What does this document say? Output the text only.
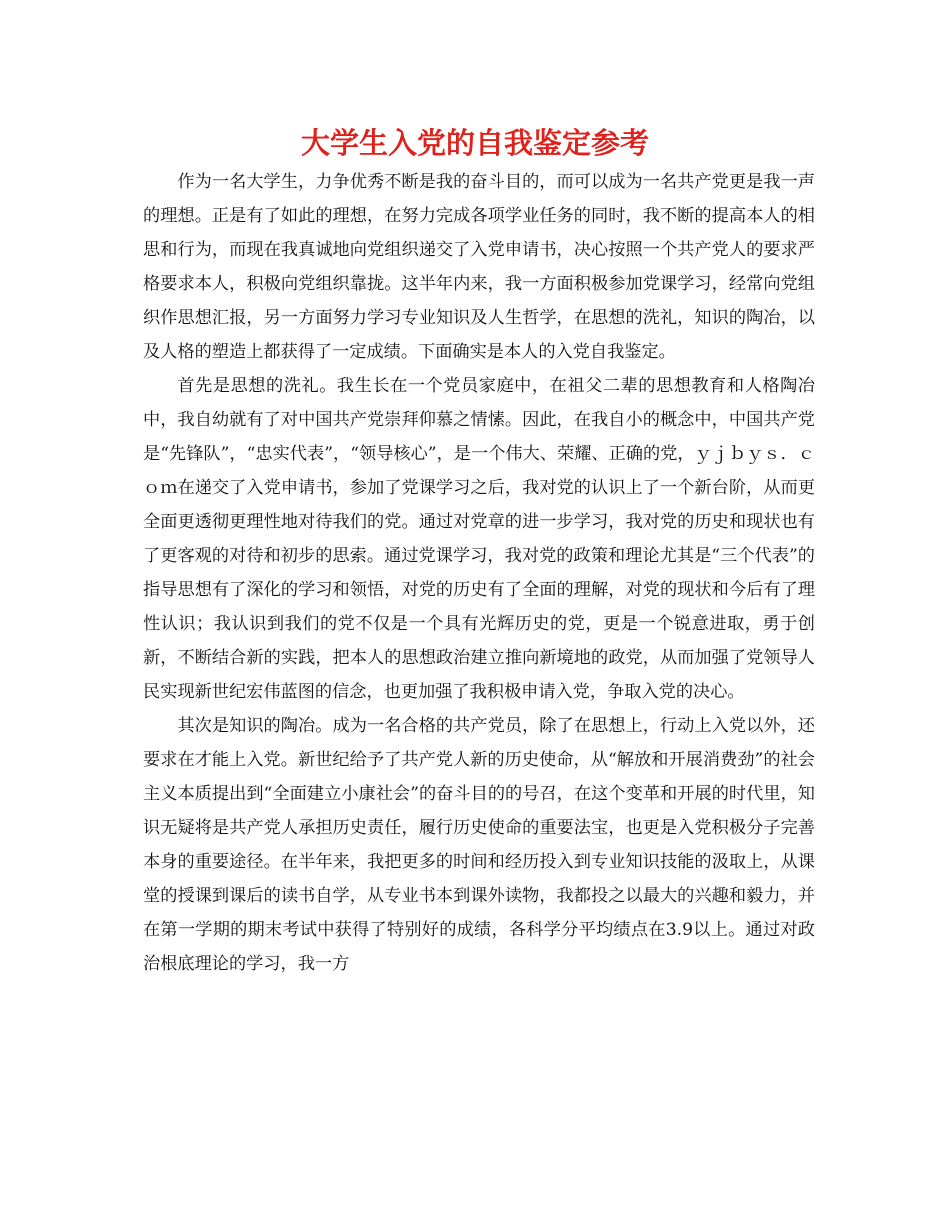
大学生入党的自我鉴定参考

作为一名大学生，力争优秀不断是我的奋斗目的，而可以成为一名共产党更是我一声的理想。正是有了如此的理想，在努力完成各项学业任务的同时，我不断的提高本人的相思和行为，而现在我真诚地向党组织递交了入党申请书，决心按照一个共产党人的要求严格要求本人，积极向党组织靠拢。这半年内来，我一方面积极参加党课学习，经常向党组织作思想汇报，另一方面努力学习专业知识及人生哲学，在思想的洗礼，知识的陶冶，以及人格的塑造上都获得了一定成绩。下面确实是本人的入党自我鉴定。

首先是思想的洗礼。我生长在一个党员家庭中，在祖父二辈的思想教育和人格陶冶中，我自幼就有了对中国共产党崇拜仰慕之情愫。因此，在我自小的概念中，中国共产党是“先锋队”，“忠实代表”，“领导核心”，是一个伟大、荣耀、正确的党，ｙｊｂｙｓ．ｃｏｍ在递交了入党申请书，参加了党课学习之后，我对党的认识上了一个新台阶，从而更全面更透彻更理性地对待我们的党。通过对党章的进一步学习，我对党的历史和现状也有了更客观的对待和初步的思索。通过党课学习，我对党的政策和理论尤其是“三个代表”的指导思想有了深化的学习和领悟，对党的历史有了全面的理解，对党的现状和今后有了理性认识；我认识到我们的党不仅是一个具有光辉历史的党，更是一个锐意进取，勇于创新，不断结合新的实践，把本人的思想政治建立推向新境地的政党，从而加强了党领导人民实现新世纪宏伟蓝图的信念，也更加强了我积极申请入党，争取入党的决心。

其次是知识的陶冶。成为一名合格的共产党员，除了在思想上，行动上入党以外，还要求在才能上入党。新世纪给予了共产党人新的历史使命，从“解放和开展消费劲”的社会主义本质提出到“全面建立小康社会”的奋斗目的的号召，在这个变革和开展的时代里，知识无疑将是共产党人承担历史责任，履行历史使命的重要法宝，也更是入党积极分子完善本身的重要途径。在半年来，我把更多的时间和经历投入到专业知识技能的汲取上，从课堂的授课到课后的读书自学，从专业书本到课外读物，我都投之以最大的兴趣和毅力，并在第一学期的期末考试中获得了特别好的成绩，各科学分平均绩点在3.9以上。通过对政治根底理论的学习，我一方
